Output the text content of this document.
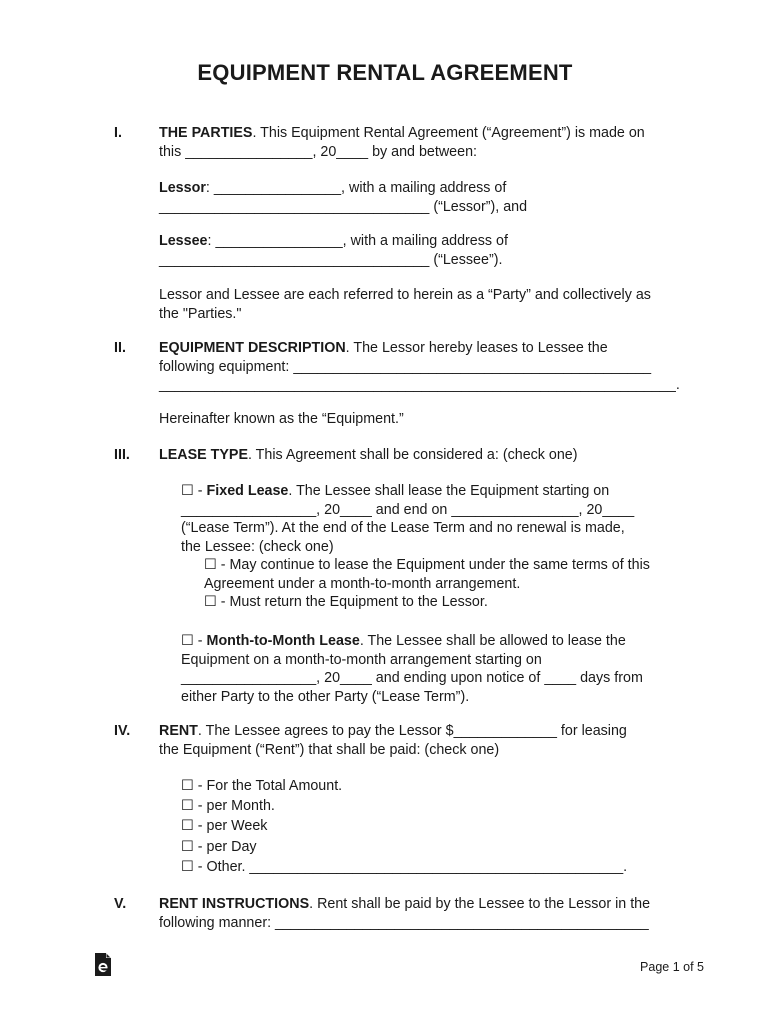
EQUIPMENT RENTAL AGREEMENT
I.	THE PARTIES. This Equipment Rental Agreement (“Agreement”) is made on
this ________________, 20____ by and between:
Lessor: ________________, with a mailing address of
__________________________________ (“Lessor”), and
Lessee: ________________, with a mailing address of
__________________________________ (“Lessee”).
Lessor and Lessee are each referred to herein as a “Party” and collectively as
the "Parties."
II. EQUIPMENT DESCRIPTION. The Lessor hereby leases to Lessee the
following equipment: _____________________________________________
_________________________________________________________________.
Hereinafter known as the “Equipment.”
III. LEASE TYPE. This Agreement shall be considered a: (check one)
☐ - Fixed Lease. The Lessee shall lease the Equipment starting on
_________________, 20____ and end on ________________, 20____
(“Lease Term”). At the end of the Lease Term and no renewal is made,
the Lessee: (check one)
☐ - May continue to lease the Equipment under the same terms of this
Agreement under a month-to-month arrangement.
☐ - Must return the Equipment to the Lessor.
☐ - Month-to-Month Lease. The Lessee shall be allowed to lease the
Equipment on a month-to-month arrangement starting on
_________________, 20____ and ending upon notice of ____ days from
either Party to the other Party (“Lease Term”).
IV. RENT. The Lessee agrees to pay the Lessor $_____________ for leasing
the Equipment (“Rent”) that shall be paid: (check one)
☐ - For the Total Amount.
☐ - per Month.
☐ - per Week
☐ - per Day
☐ - Other. _______________________________________________.
V. RENT INSTRUCTIONS. Rent shall be paid by the Lessee to the Lessor in the
following manner: _______________________________________________
Page 1 of 5
